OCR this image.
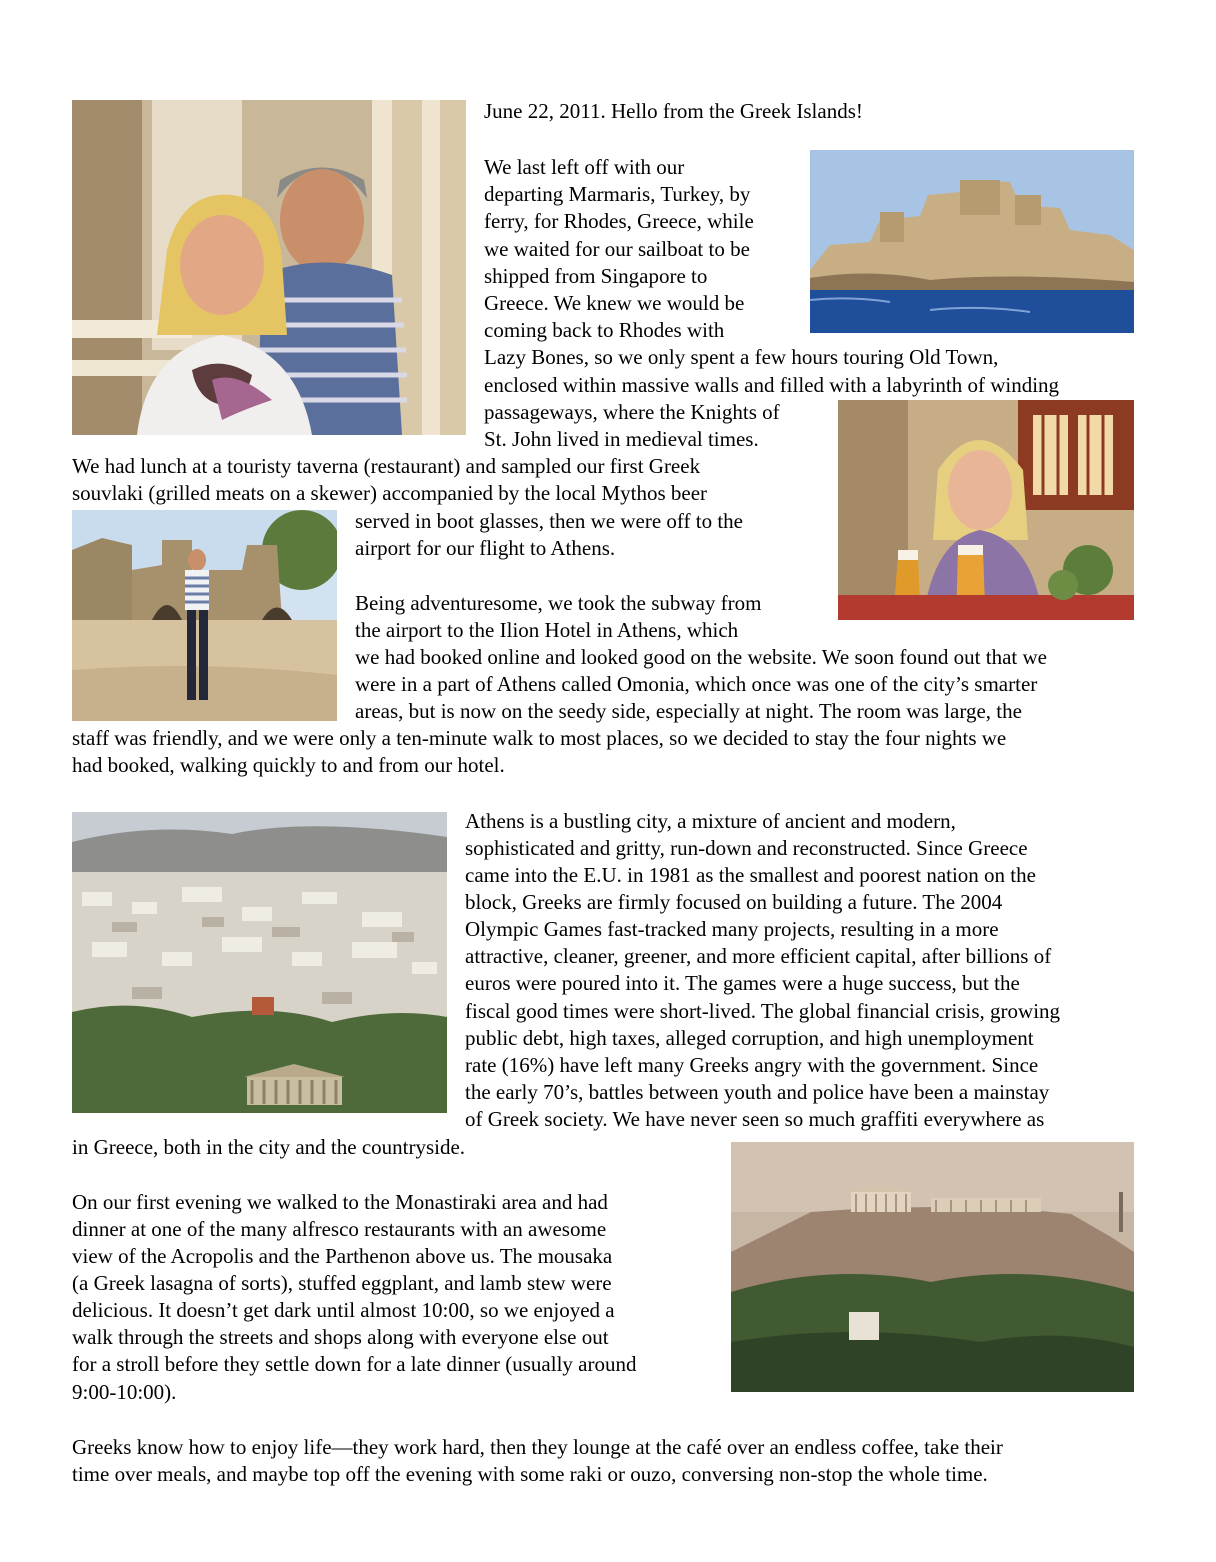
June 22, 2011. Hello from the Greek Islands!

We last left off with our

departing Marmaris, Turkey, by

ferry, for Rhodes, Greece, while

we waited for our sailboat to be

shipped from Singapore to

Greece. We knew we would be

coming back to Rhodes with

Lazy Bones, so we only spent a few hours touring Old Town,

enclosed within massive walls and filled with a labyrinth of winding

passageways, where the Knights of

St. John lived in medieval times.

We had lunch at a touristy taverna (restaurant) and sampled our first Greek

souvlaki (grilled meats on a skewer) accompanied by the local Mythos beer

served in boot glasses, then we were off to the

airport for our flight to Athens.

Being adventuresome, we took the subway from

the airport to the Ilion Hotel in Athens, which

we had booked online and looked good on the website. We soon found out that we

were in a part of Athens called Omonia, which once was one of the city’s smarter

areas, but is now on the seedy side, especially at night. The room was large, the

staff was friendly, and we were only a ten-minute walk to most places, so we decided to stay the four nights we

had booked, walking quickly to and from our hotel.

Athens is a bustling city, a mixture of ancient and modern,

sophisticated and gritty, run-down and reconstructed. Since Greece

came into the E.U. in 1981 as the smallest and poorest nation on the

block, Greeks are firmly focused on building a future. The 2004

Olympic Games fast-tracked many projects, resulting in a more

attractive, cleaner, greener, and more efficient capital, after billions of

euros were poured into it. The games were a huge success, but the

fiscal good times were short-lived. The global financial crisis, growing

public debt, high taxes, alleged corruption, and high unemployment

rate (16%) have left many Greeks angry with the government. Since

the early 70’s, battles between youth and police have been a mainstay

of Greek society. We have never seen so much graffiti everywhere as

in Greece, both in the city and the countryside.

On our first evening we walked to the Monastiraki area and had

dinner at one of the many alfresco restaurants with an awesome

view of the Acropolis and the Parthenon above us. The mousaka

(a Greek lasagna of sorts), stuffed eggplant, and lamb stew were

delicious. It doesn’t get dark until almost 10:00, so we enjoyed a

walk through the streets and shops along with everyone else out

for a stroll before they settle down for a late dinner (usually around

9:00-10:00).

Greeks know how to enjoy life—they work hard, then they lounge at the café over an endless coffee, take their

time over meals, and maybe top off the evening with some raki or ouzo, conversing non-stop the whole time.
